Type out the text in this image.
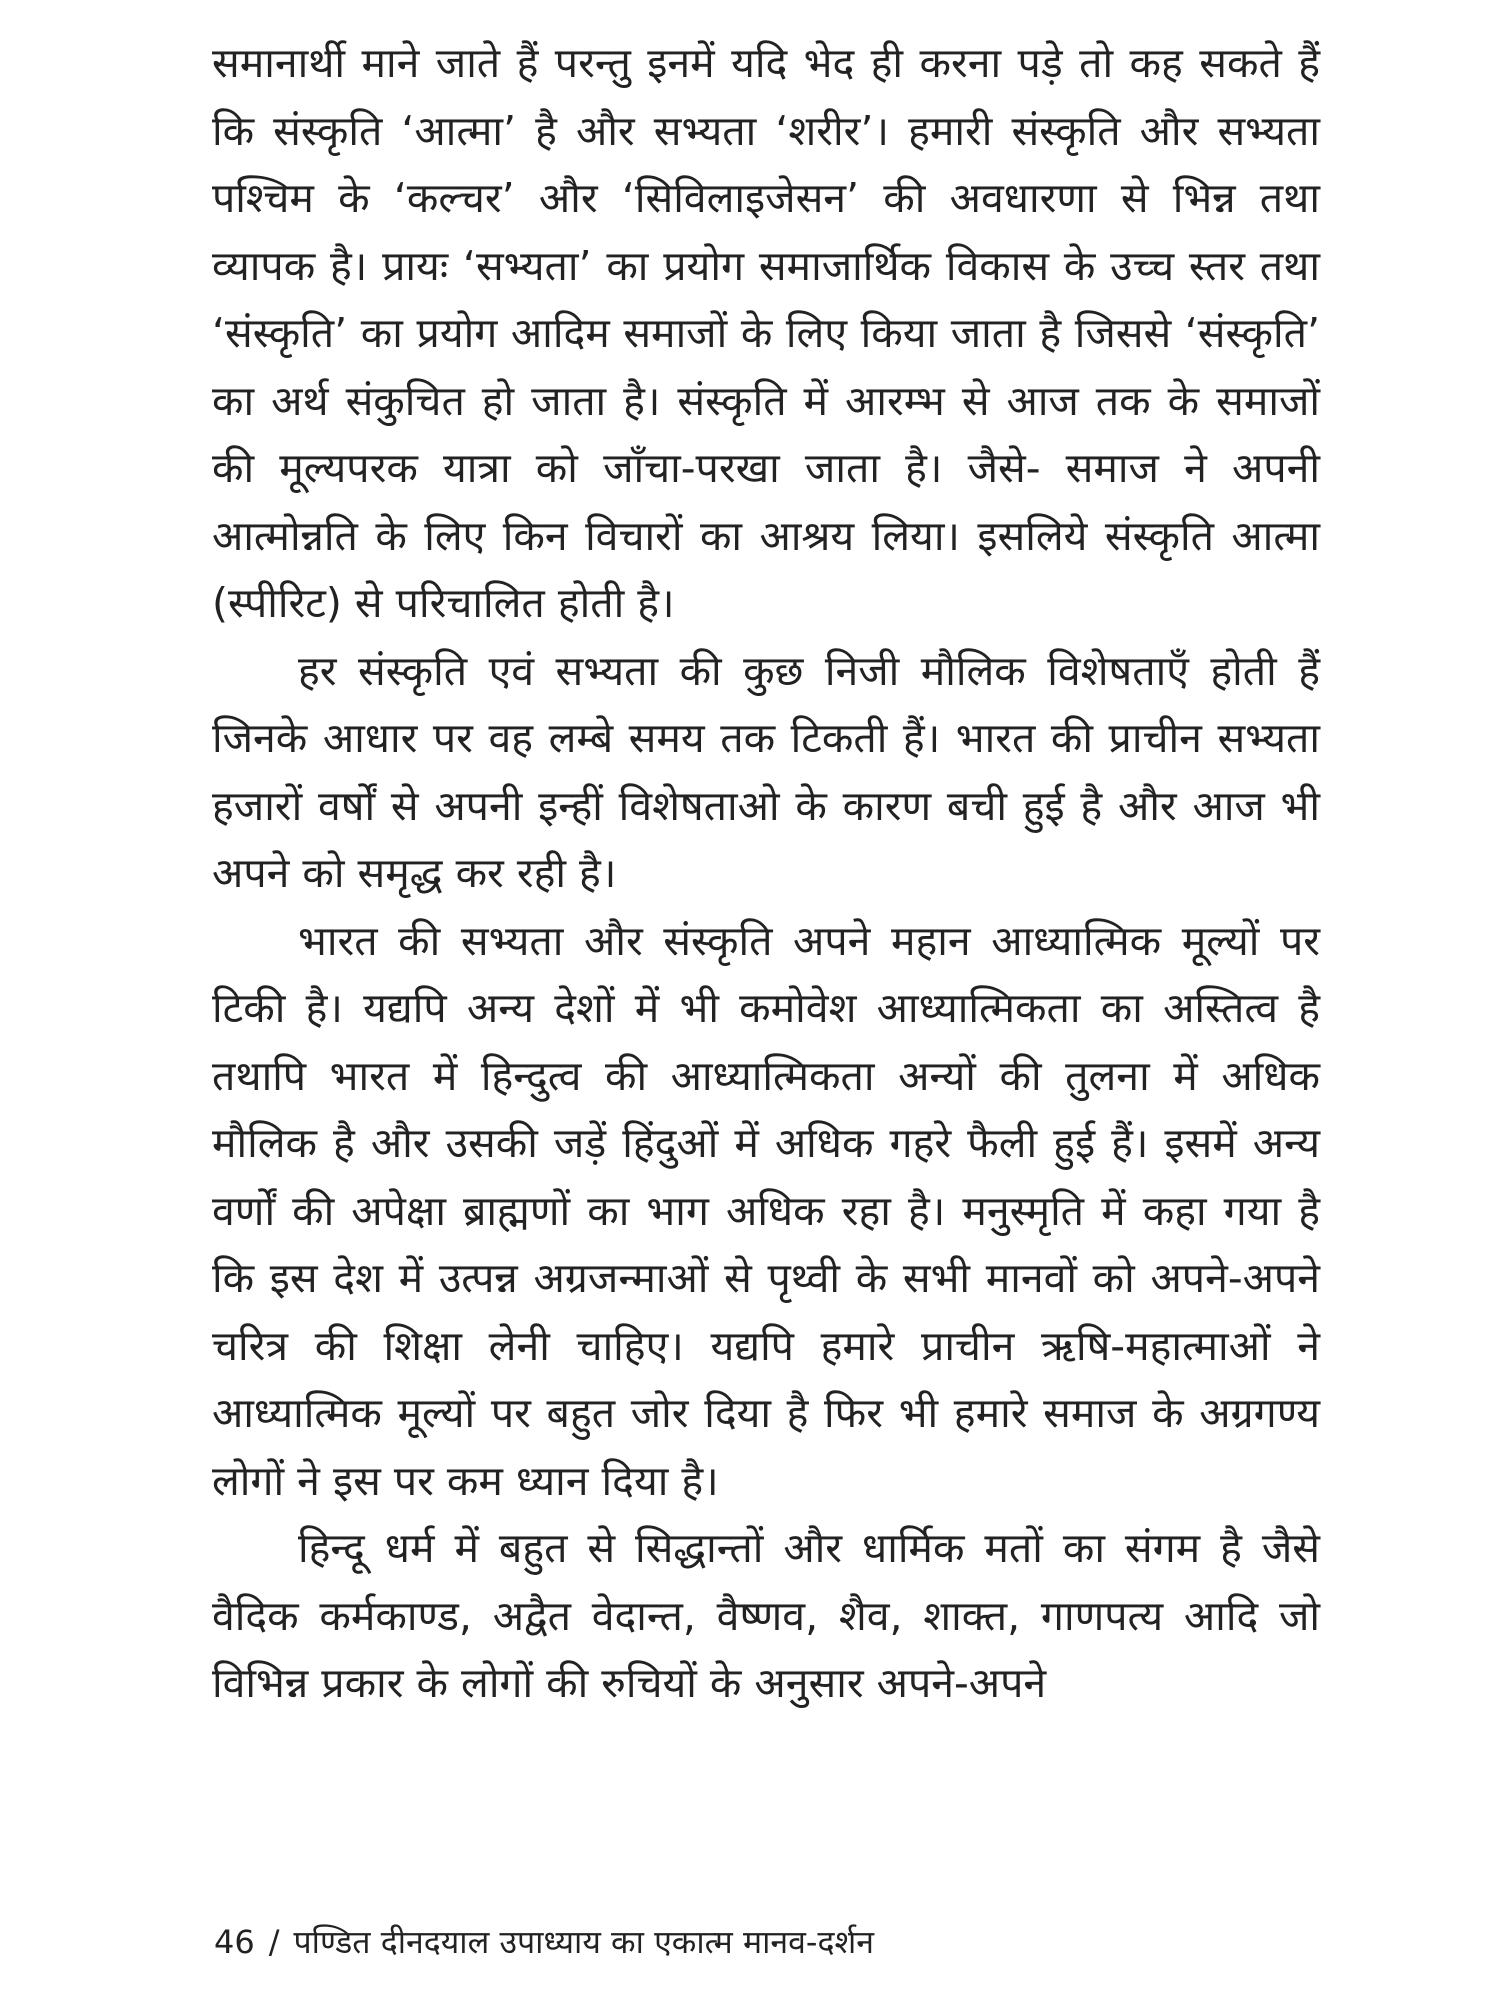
समानार्थी माने जाते हैं परन्तु इनमें यदि भेद ही करना पड़े तो कह सकते हैं कि संस्कृति ‘आत्मा’ है और सभ्यता ‘शरीर’। हमारी संस्कृति और सभ्यता पश्चिम के ‘कल्चर’ और ‘सिविलाइजेसन’ की अवधारणा से भिन्न तथा व्यापक है। प्रायः ‘सभ्यता’ का प्रयोग समाजार्थिक विकास के उच्च स्तर तथा ‘संस्कृति’ का प्रयोग आदिम समाजों के लिए किया जाता है जिससे ‘संस्कृति’ का अर्थ संकुचित हो जाता है। संस्कृति में आरम्भ से आज तक के समाजों की मूल्यपरक यात्रा को जाँचा-परखा जाता है। जैसे- समाज ने अपनी आत्मोन्नति के लिए किन विचारों का आश्रय लिया। इसलिये संस्कृति आत्मा (स्पीरिट) से परिचालित होती है।

हर संस्कृति एवं सभ्यता की कुछ निजी मौलिक विशेषताएँ होती हैं जिनके आधार पर वह लम्बे समय तक टिकती हैं। भारत की प्राचीन सभ्यता हजारों वर्षों से अपनी इन्हीं विशेषताओ के कारण बची हुई है और आज भी अपने को समृद्ध कर रही है।

भारत की सभ्यता और संस्कृति अपने महान आध्यात्मिक मूल्यों पर टिकी है। यद्यपि अन्य देशों में भी कमोवेश आध्यात्मिकता का अस्तित्व है तथापि भारत में हिन्दुत्व की आध्यात्मिकता अन्यों की तुलना में अधिक मौलिक है और उसकी जड़ें हिंदुओं में अधिक गहरे फैली हुई हैं। इसमें अन्य वर्णों की अपेक्षा ब्राह्मणों का भाग अधिक रहा है। मनुस्मृति में कहा गया है कि इस देश में उत्पन्न अग्रजन्माओं से पृथ्वी के सभी मानवों को अपने-अपने चरित्र की शिक्षा लेनी चाहिए। यद्यपि हमारे प्राचीन ऋषि-महात्माओं ने आध्यात्मिक मूल्यों पर बहुत जोर दिया है फिर भी हमारे समाज के अग्रगण्य लोगों ने इस पर कम ध्यान दिया है।

हिन्दू धर्म में बहुत से सिद्धान्तों और धार्मिक मतों का संगम है जैसे वैदिक कर्मकाण्ड, अद्वैत वेदान्त, वैष्णव, शैव, शाक्त, गाणपत्य आदि जो विभिन्न प्रकार के लोगों की रुचियों के अनुसार अपने-अपने

46 / पण्डित दीनदयाल उपाध्याय का एकात्म मानव-दर्शन
